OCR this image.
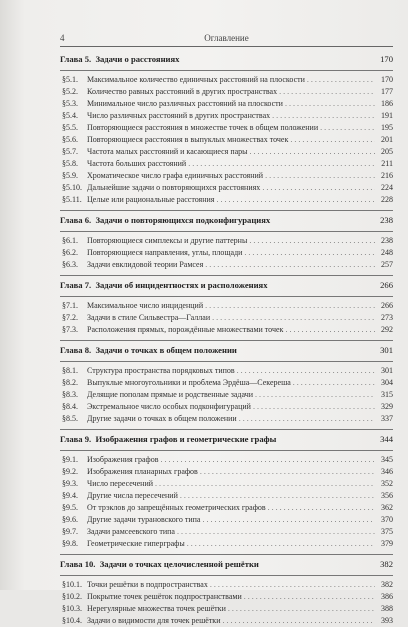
4	Оглавление
Глава 5. Задачи о расстояниях	170
§5.1.	Максимальное количество единичных расстояний на плоскости . . .	170
§5.2.	Количество равных расстояний в других пространствах . . .	177
§5.3.	Минимальное число различных расстояний на плоскости . . .	186
§5.4.	Число различных расстояний в других пространствах . . .	191
§5.5.	Повторяющиеся расстояния в множестве точек в общем положении . . .	195
§5.6.	Повторяющиеся расстояния в выпуклых множествах точек . . .	201
§5.7.	Частота малых расстояний и касающиеся пары . . .	205
§5.8.	Частота больших расстояний . . .	211
§5.9.	Хроматическое число графа единичных расстояний . . .	216
§5.10. Дальнейшие задачи о повторяющихся расстояниях . . .	224
§5.11. Целые или рациональные расстояния . . .	228
Глава 6. Задачи о повторяющихся подконфигурациях	238
§6.1.	Повторяющиеся симплексы и другие паттерны . . .	238
§6.2.	Повторяющиеся направления, углы, площади . . .	248
§6.3.	Задачи евклидовой теории Рамсея . . .	257
Глава 7. Задачи об инцидентностях и расположениях	266
§7.1.	Максимальное число инциденций . . .	266
§7.2.	Задачи в стиле Сильвестра—Галлаи . . .	273
§7.3.	Расположения прямых, порождённые множествами точек . . .	292
Глава 8. Задачи о точках в общем положении	301
§8.1.	Структура пространства порядковых типов . . .	301
§8.2.	Выпуклые многоугольники и проблема Эрдёша—Секереша . . .	304
§8.3.	Делящие пополам прямые и родственные задачи . . .	315
§8.4.	Экстремальное число особых подконфигураций . . .	329
§8.5.	Другие задачи о точках в общем положении . . .	337
Глава 9. Изображения графов и геометрические графы	344
§9.1.	Изображения графов . . .	345
§9.2.	Изображения планарных графов . . .	346
§9.3.	Число пересечений . . .	352
§9.4.	Другие числа пересечений . . .	356
§9.5.	От трэклов до запрещённых геометрических графов . . .	362
§9.6.	Другие задачи турановского типа . . .	370
§9.7.	Задачи рамсеевского типа . . .	375
§9.8.	Геометрические гиперграфы . . .	379
Глава 10. Задачи о точках целочисленной решётки	382
§10.1. Точки решётки в подпространствах . . .	382
§10.2. Покрытие точек решёток подпространствами . . .	386
§10.3. Нерегулярные множества точек решётки . . .	388
§10.4. Задачи о видимости для точек решётки . . .	393
